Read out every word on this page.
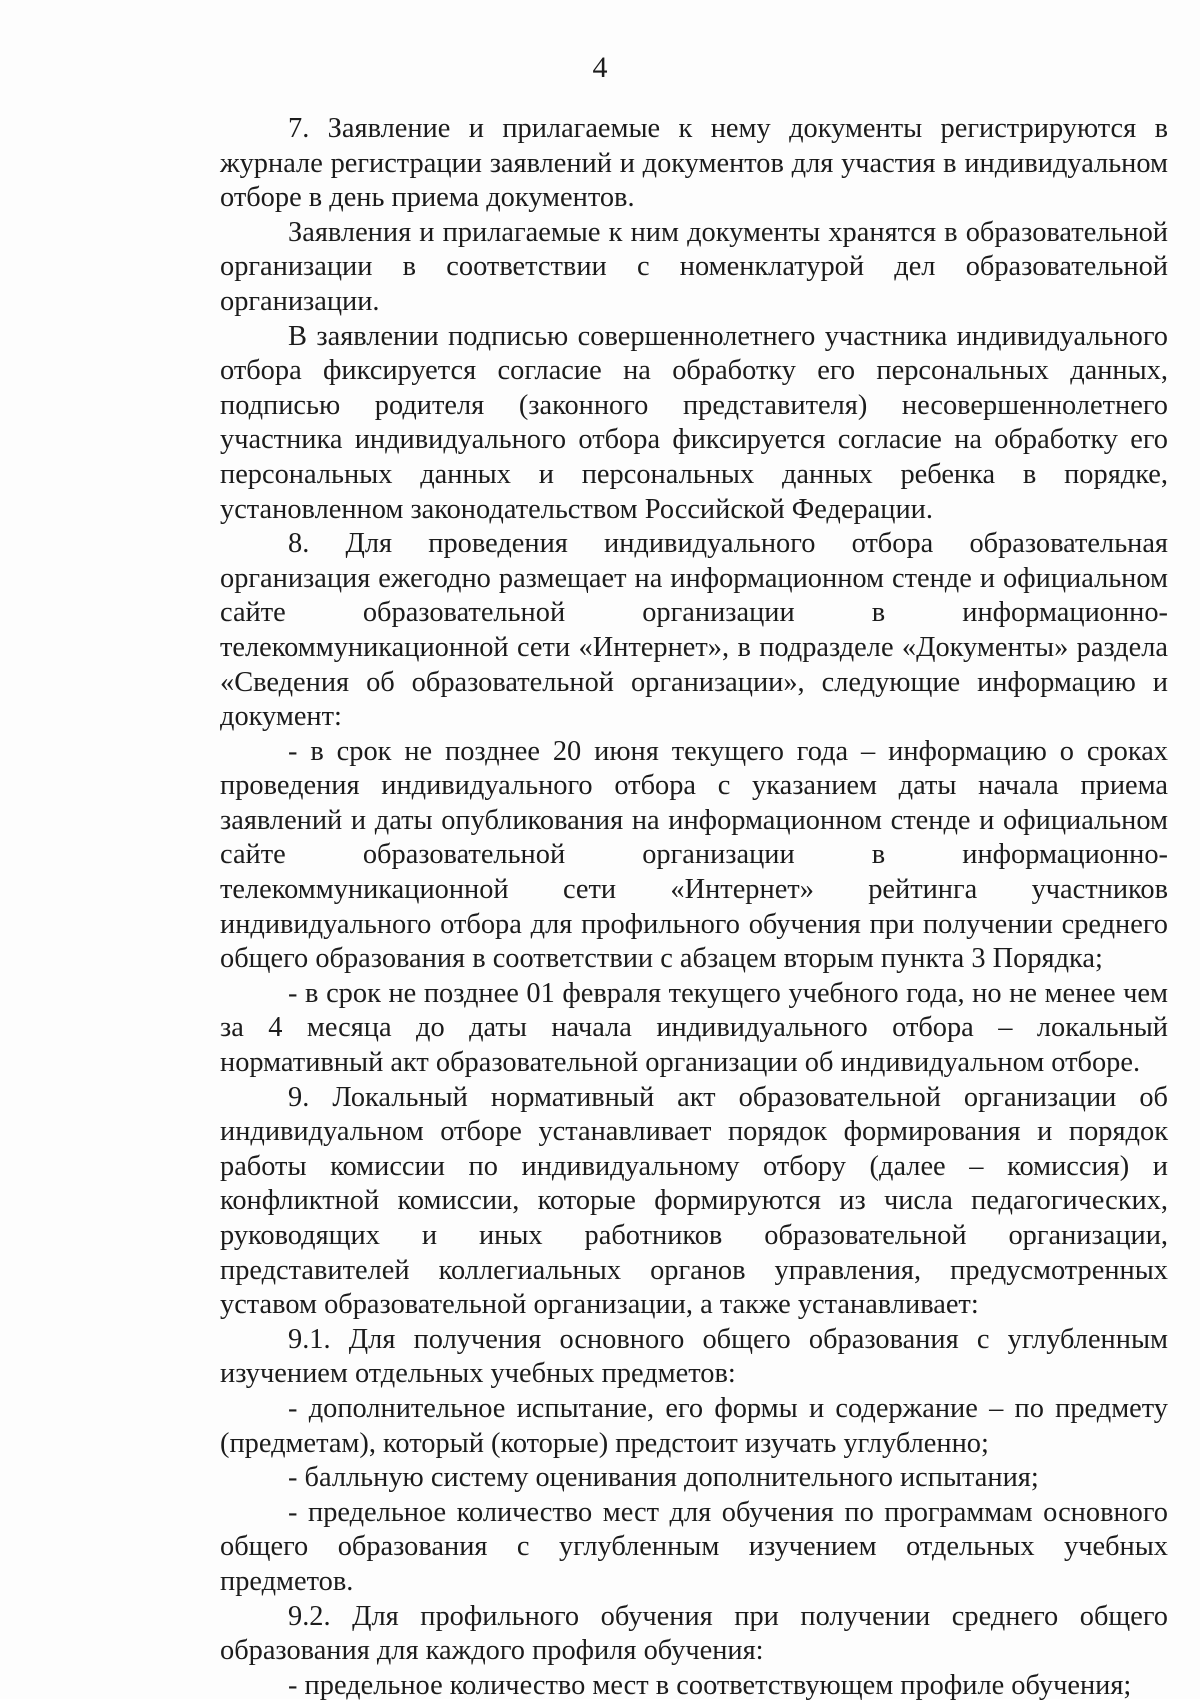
4

7. Заявление и прилагаемые к нему документы регистрируются в журнале регистрации заявлений и документов для участия в индивидуальном отборе в день приема документов.

Заявления и прилагаемые к ним документы хранятся в образовательной организации в соответствии с номенклатурой дел образовательной организации.

В заявлении подписью совершеннолетнего участника индивидуального отбора фиксируется согласие на обработку его персональных данных, подписью родителя (законного представителя) несовершеннолетнего участника индивидуального отбора фиксируется согласие на обработку его персональных данных и персональных данных ребенка в порядке, установленном законодательством Российской Федерации.

8. Для проведения индивидуального отбора образовательная организация ежегодно размещает на информационном стенде и официальном сайте образовательной организации в информационно-телекоммуникационной сети «Интернет», в подразделе «Документы» раздела «Сведения об образовательной организации», следующие информацию и документ:

- в срок не позднее 20 июня текущего года – информацию о сроках проведения индивидуального отбора с указанием даты начала приема заявлений и даты опубликования на информационном стенде и официальном сайте образовательной организации в информационно-телекоммуникационной сети «Интернет» рейтинга участников индивидуального отбора для профильного обучения при получении среднего общего образования в соответствии с абзацем вторым пункта 3 Порядка;

- в срок не позднее 01 февраля текущего учебного года, но не менее чем за 4 месяца до даты начала индивидуального отбора – локальный нормативный акт образовательной организации об индивидуальном отборе.

9. Локальный нормативный акт образовательной организации об индивидуальном отборе устанавливает порядок формирования и порядок работы комиссии по индивидуальному отбору (далее – комиссия) и конфликтной комиссии, которые формируются из числа педагогических, руководящих и иных работников образовательной организации, представителей коллегиальных органов управления, предусмотренных уставом образовательной организации, а также устанавливает:

9.1. Для получения основного общего образования с углубленным изучением отдельных учебных предметов:

- дополнительное испытание, его формы и содержание – по предмету (предметам), который (которые) предстоит изучать углубленно;

- балльную систему оценивания дополнительного испытания;

- предельное количество мест для обучения по программам основного общего образования с углубленным изучением отдельных учебных предметов.

9.2. Для профильного обучения при получении среднего общего образования для каждого профиля обучения:

- предельное количество мест в соответствующем профиле обучения;
